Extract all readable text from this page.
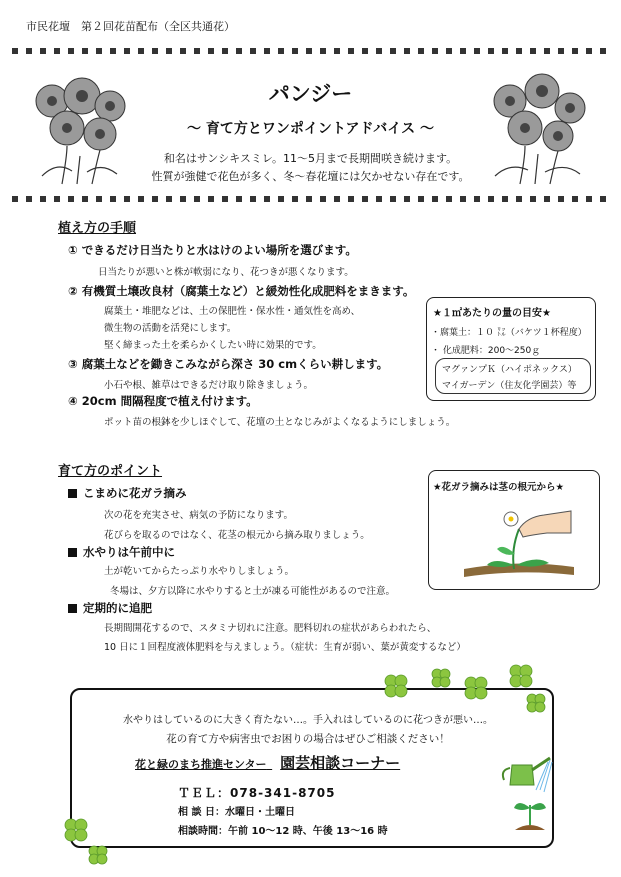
市民花壇　第２回花苗配布（全区共通花）
パンジー
～ 育て方とワンポイントアドバイス ～
和名はサンシキスミレ。11～5月まで長期間咲き続けます。
性質が強健で花色が多く、冬～春花壇には欠かせない存在です。
植え方の手順
① できるだけ日当たりと水はけのよい場所を選びます。
日当たりが悪いと株が軟弱になり、花つきが悪くなります。
② 有機質土壌改良材（腐葉土など）と緩効性化成肥料をまきます。
腐葉土・堆肥などは、土の保肥性・保水性・通気性を高め、
微生物の活動を活発にします。
堅く締まった土を柔らかくしたい時に効果的です。
③ 腐葉土などを鋤きこみながら深さ 30 cmくらい耕します。
小石や根、雑草はできるだけ取り除きましょう。
④ 20cm 間隔程度で植え付けます。
ポット苗の根鉢を少しほぐして、花壇の土となじみがよくなるようにしましょう。
★１㎡あたりの量の目安★
・腐葉土：１０ ㍑（バケツ１杯程度）
・ 化成肥料：200～250ｇ
マグァンプＫ（ハイポネックス）
マイガーデン（住友化学園芸）等
育て方のポイント
こまめに花ガラ摘み
次の花を充実させ、病気の予防になります。
花びらを取るのではなく、花茎の根元から摘み取りましょう。
水やりは午前中に
土が乾いてからたっぷり水やりしましょう。
冬場は、夕方以降に水やりすると土が凍る可能性があるので注意。
定期的に追肥
長期間開花するので、スタミナ切れに注意。肥料切れの症状があらわれたら、
10 日に１回程度液体肥料を与えましょう。（症状：生育が弱い、葉が黄変するなど）
★花ガラ摘みは茎の根元から★
水やりはしているのに大きく育たない…。手入れはしているのに花つきが悪い…。
花の育て方や病害虫でお困りの場合はぜひご相談ください！
花と緑のまち推進センター 園芸相談コーナー
ＴＥＬ：078-341-8705
相 談 日：水曜日・土曜日
相談時間：午前 10～12 時、午後 13～16 時
